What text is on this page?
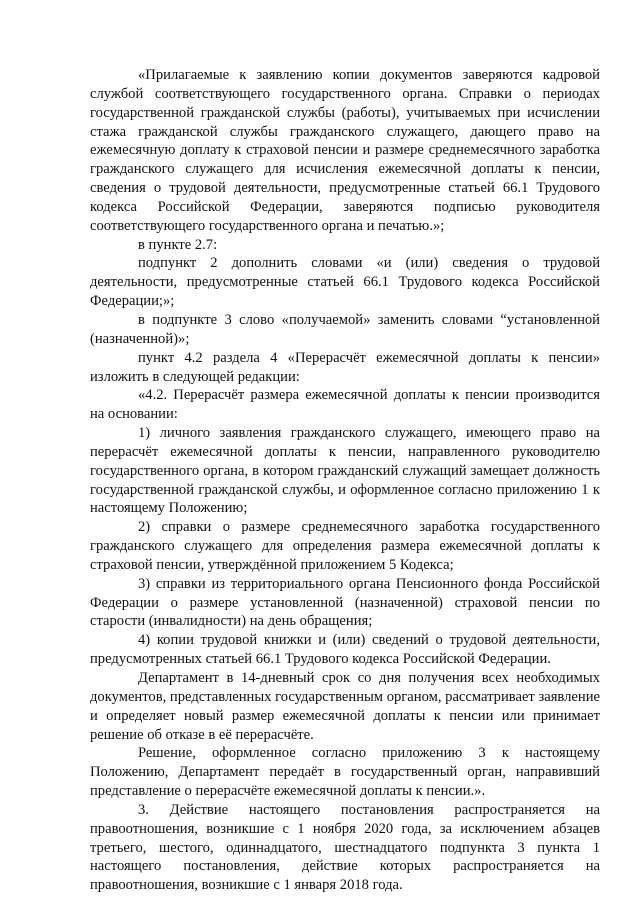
«Прилагаемые к заявлению копии документов заверяются кадровой службой соответствующего государственного органа. Справки о периодах государственной гражданской службы (работы), учитываемых при исчислении стажа гражданской службы гражданского служащего, дающего право на ежемесячную доплату к страховой пенсии и размере среднемесячного заработка гражданского служащего для исчисления ежемесячной доплаты к пенсии, сведения о трудовой деятельности, предусмотренные статьей 66.1 Трудового кодекса Российской Федерации, заверяются подписью руководителя соответствующего государственного органа и печатью.»;

в пункте 2.7:

подпункт 2 дополнить словами «и (или) сведения о трудовой деятельности, предусмотренные статьей 66.1 Трудового кодекса Российской Федерации;»;

в подпункте 3 слово «получаемой» заменить словами “установленной (назначенной)»;

пункт 4.2 раздела 4 «Перерасчёт ежемесячной доплаты к пенсии» изложить в следующей редакции:

«4.2. Перерасчёт размера ежемесячной доплаты к пенсии производится на основании:

1) личного заявления гражданского служащего, имеющего право на перерасчёт ежемесячной доплаты к пенсии, направленного руководителю государственного органа, в котором гражданский служащий замещает должность государственной гражданской службы, и оформленное согласно приложению 1 к настоящему Положению;

2) справки о размере среднемесячного заработка государственного гражданского служащего для определения размера ежемесячной доплаты к страховой пенсии, утверждённой приложением 5 Кодекса;

3) справки из территориального органа Пенсионного фонда Российской Федерации о размере установленной (назначенной) страховой пенсии по старости (инвалидности) на день обращения;

4) копии трудовой книжки и (или) сведений о трудовой деятельности, предусмотренных статьей 66.1 Трудового кодекса Российской Федерации.

Департамент в 14-дневный срок со дня получения всех необходимых документов, представленных государственным органом, рассматривает заявление и определяет новый размер ежемесячной доплаты к пенсии или принимает решение об отказе в её перерасчёте.

Решение, оформленное согласно приложению 3 к настоящему Положению, Департамент передаёт в государственный орган, направивший представление о перерасчёте ежемесячной доплаты к пенсии.».

3. Действие настоящего постановления распространяется на правоотношения, возникшие с 1 ноября 2020 года, за исключением абзацев третьего, шестого, одиннадцатого, шестнадцатого подпункта 3 пункта 1 настоящего постановления, действие которых распространяется на правоотношения, возникшие с 1 января 2018 года.
